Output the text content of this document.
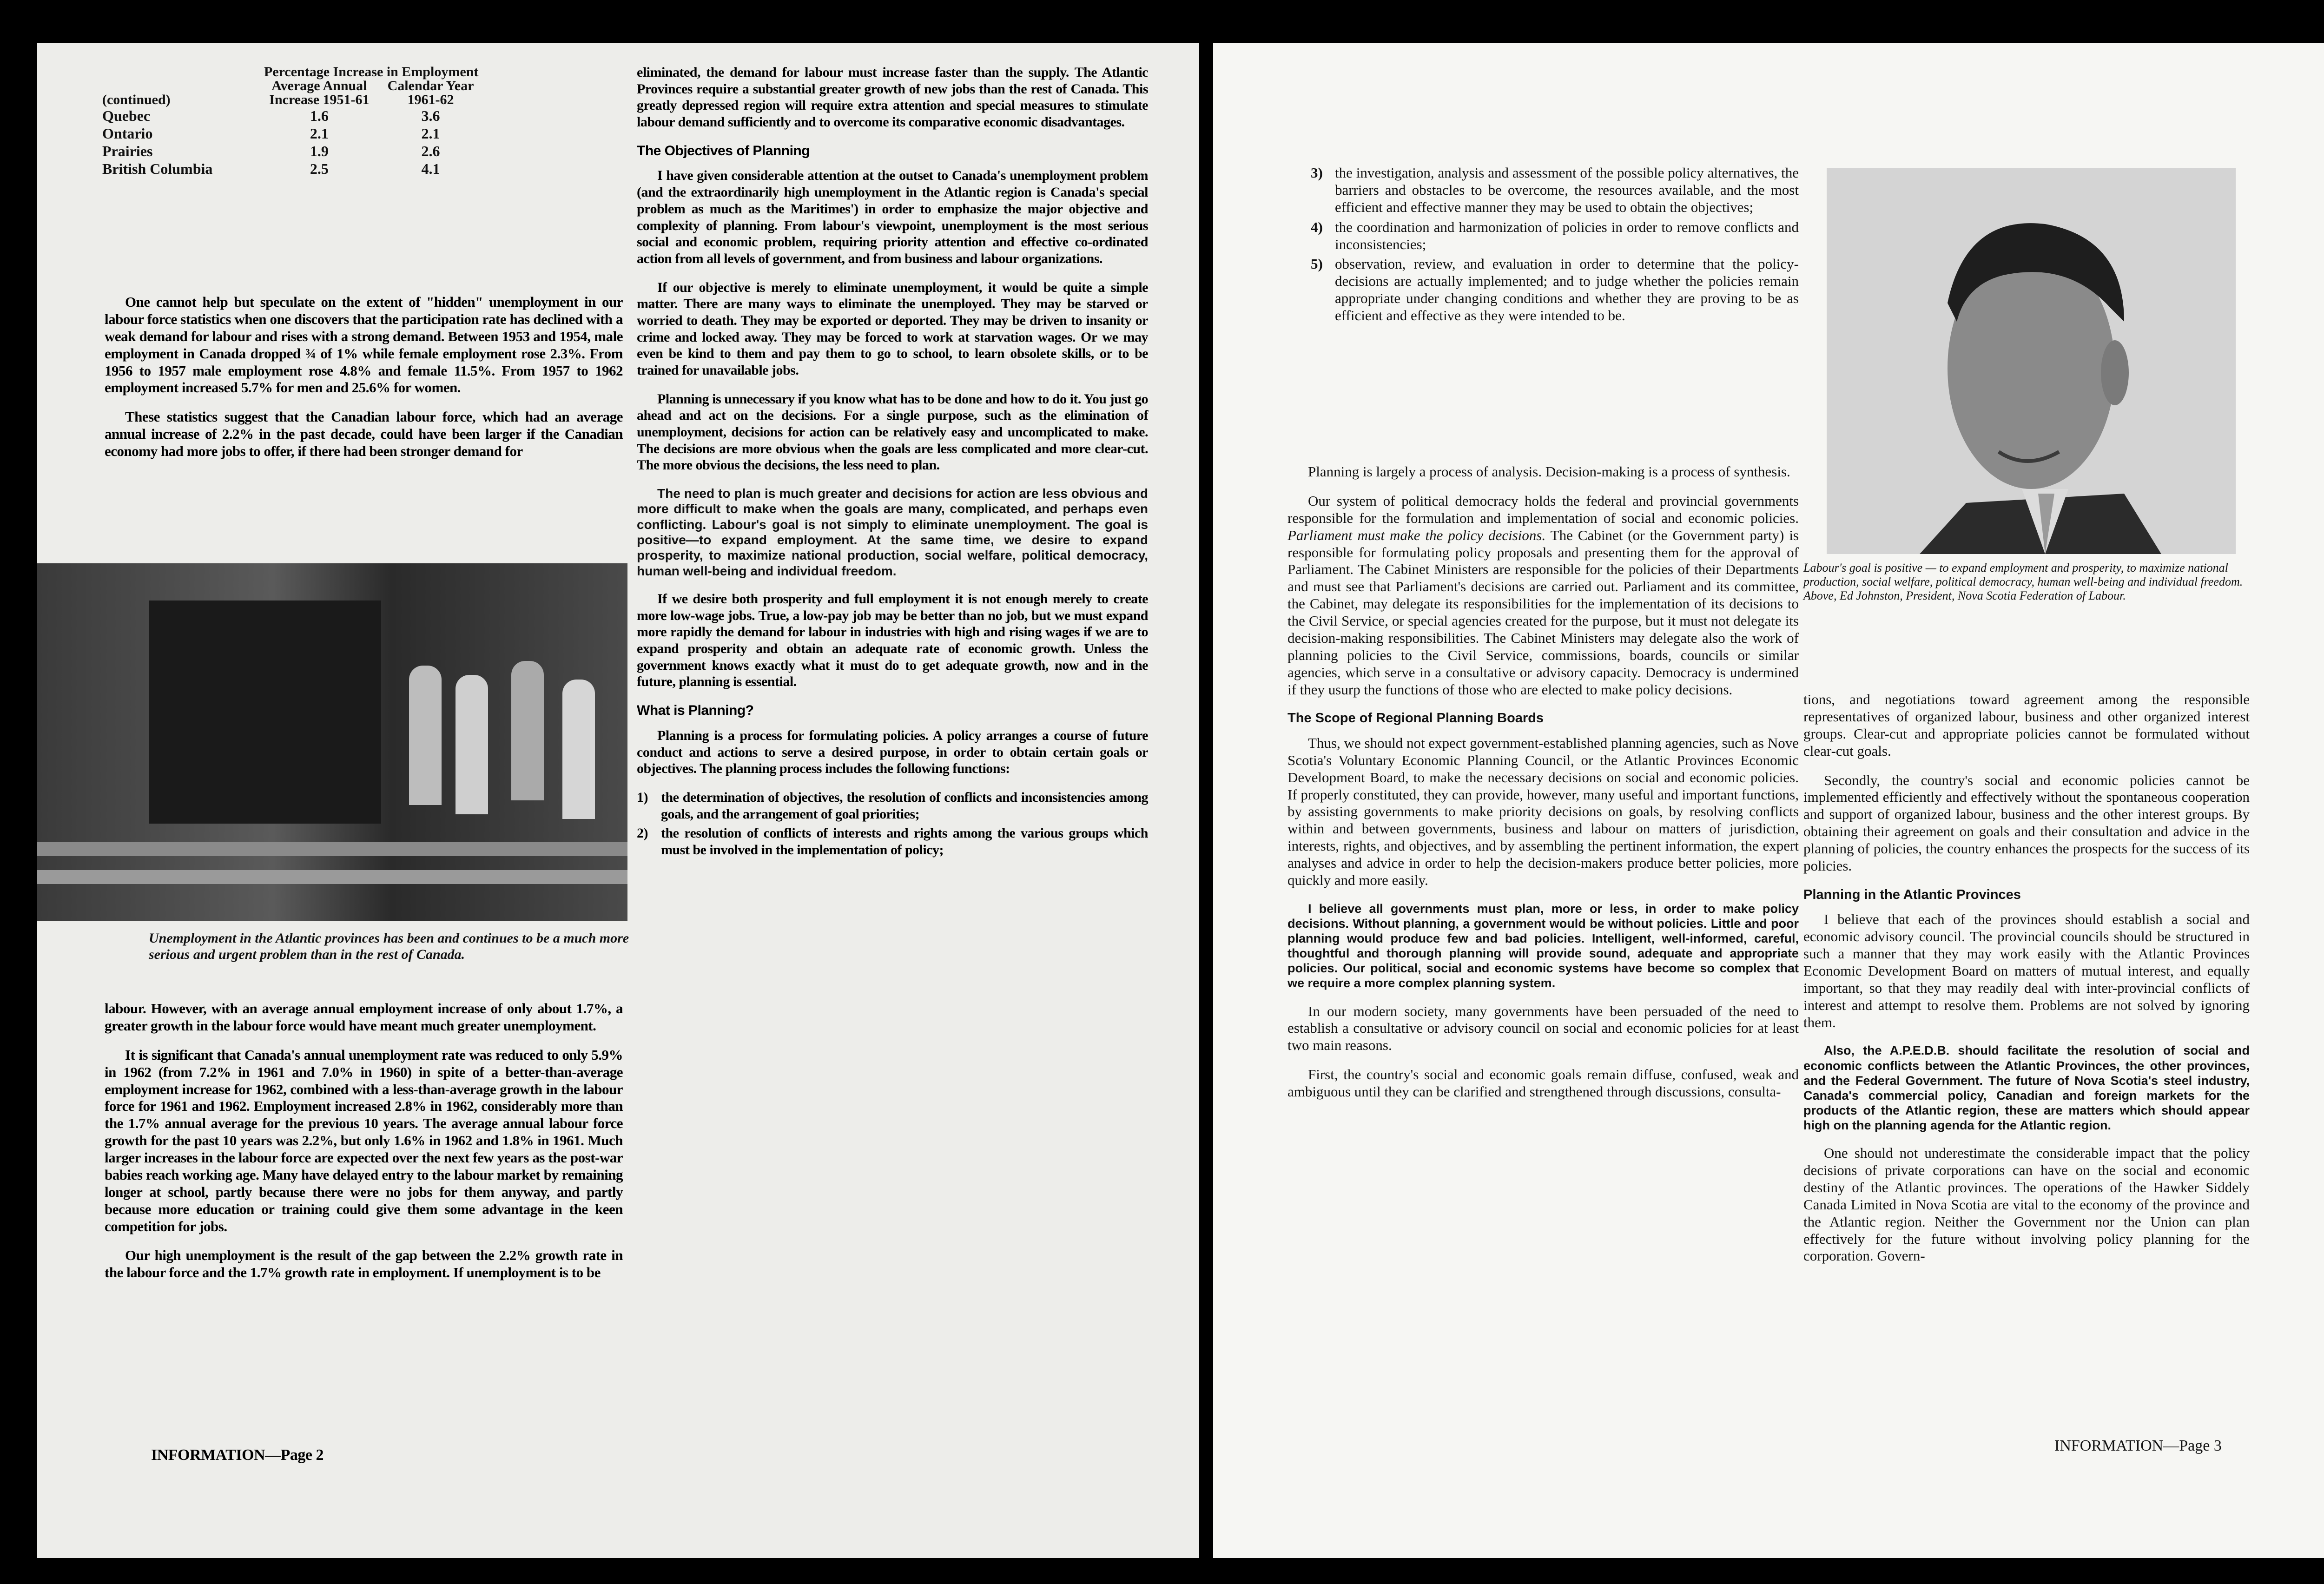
	Percentage Increase in Employment	
	Average Annual	Calendar Year
(continued)	Increase 1951-61	1961-62
Quebec	1.6	3.6
Ontario	2.1	2.1
Prairies	1.9	2.6
British Columbia	2.5	4.1

One cannot help but speculate on the extent of "hidden" unemployment in our labour force statistics when one discovers that the participation rate has declined with a weak demand for labour and rises with a strong demand. Between 1953 and 1954, male employment in Canada dropped ¾ of 1% while female employment rose 2.3%. From 1956 to 1957 male employment rose 4.8% and female 11.5%. From 1957 to 1962 employment increased 5.7% for men and 25.6% for women.

These statistics suggest that the Canadian labour force, which had an average annual increase of 2.2% in the past decade, could have been larger if the Canadian economy had more jobs to offer, if there had been stronger demand for

Unemployment in the Atlantic provinces has been and continues to be a much more serious and urgent problem than in the rest of Canada.

labour. However, with an average annual employment increase of only about 1.7%, a greater growth in the labour force would have meant much greater unemployment.

It is significant that Canada's annual unemployment rate was reduced to only 5.9% in 1962 (from 7.2% in 1961 and 7.0% in 1960) in spite of a better-than-average employment increase for 1962, combined with a less-than-average growth in the labour force for 1961 and 1962. Employment increased 2.8% in 1962, considerably more than the 1.7% annual average for the previous 10 years. The average annual labour force growth for the past 10 years was 2.2%, but only 1.6% in 1962 and 1.8% in 1961. Much larger increases in the labour force are expected over the next few years as the post-war babies reach working age. Many have delayed entry to the labour market by remaining longer at school, partly because there were no jobs for them anyway, and partly because more education or training could give them some advantage in the keen competition for jobs.

Our high unemployment is the result of the gap between the 2.2% growth rate in the labour force and the 1.7% growth rate in employment. If unemployment is to be

INFORMATION—Page 2

eliminated, the demand for labour must increase faster than the supply. The Atlantic Provinces require a substantial greater growth of new jobs than the rest of Canada. This greatly depressed region will require extra attention and special measures to stimulate labour demand sufficiently and to overcome its comparative economic disadvantages.

The Objectives of Planning

I have given considerable attention at the outset to Canada's unemployment problem (and the extraordinarily high unemployment in the Atlantic region is Canada's special problem as much as the Maritimes') in order to emphasize the major objective and complexity of planning. From labour's viewpoint, unemployment is the most serious social and economic problem, requiring priority attention and effective co-ordinated action from all levels of government, and from business and labour organizations.

If our objective is merely to eliminate unemployment, it would be quite a simple matter. There are many ways to eliminate the unemployed. They may be starved or worried to death. They may be exported or deported. They may be driven to insanity or crime and locked away. They may be forced to work at starvation wages. Or we may even be kind to them and pay them to go to school, to learn obsolete skills, or to be trained for unavailable jobs.

Planning is unnecessary if you know what has to be done and how to do it. You just go ahead and act on the decisions. For a single purpose, such as the elimination of unemployment, decisions for action can be relatively easy and uncomplicated to make. The decisions are more obvious when the goals are less complicated and more clear-cut. The more obvious the decisions, the less need to plan.

The need to plan is much greater and decisions for action are less obvious and more difficult to make when the goals are many, complicated, and perhaps even conflicting. Labour's goal is not simply to eliminate unemployment. The goal is positive—to expand employment. At the same time, we desire to expand prosperity, to maximize national production, social welfare, political democracy, human well-being and individual freedom.

If we desire both prosperity and full employment it is not enough merely to create more low-wage jobs. True, a low-pay job may be better than no job, but we must expand more rapidly the demand for labour in industries with high and rising wages if we are to expand prosperity and obtain an adequate rate of economic growth. Unless the government knows exactly what it must do to get adequate growth, now and in the future, planning is essential.

What is Planning?

Planning is a process for formulating policies. A policy arranges a course of future conduct and actions to serve a desired purpose, in order to obtain certain goals or objectives. The planning process includes the following functions:

1) the determination of objectives, the resolution of conflicts and inconsistencies among goals, and the arrangement of goal priorities;
2) the resolution of conflicts of interests and rights among the various groups which must be involved in the implementation of policy;
3) the investigation, analysis and assessment of the possible policy alternatives, the barriers and obstacles to be overcome, the resources available, and the most efficient and effective manner they may be used to obtain the objectives;
4) the coordination and harmonization of policies in order to remove conflicts and inconsistencies;
5) observation, review, and evaluation in order to determine that the policy-decisions are actually implemented; and to judge whether the policies remain appropriate under changing conditions and whether they are proving to be as efficient and effective as they were intended to be.

Planning is largely a process of analysis. Decision-making is a process of synthesis.

Our system of political democracy holds the federal and provincial governments responsible for the formulation and implementation of social and economic policies. Parliament must make the policy decisions. The Cabinet (or the Government party) is responsible for formulating policy proposals and presenting them for the approval of Parliament. The Cabinet Ministers are responsible for the policies of their Departments and must see that Parliament's decisions are carried out. Parliament and its committee, the Cabinet, may delegate its responsibilities for the implementation of its decisions to the Civil Service, or special agencies created for the purpose, but it must not delegate its decision-making responsibilities. The Cabinet Ministers may delegate also the work of planning policies to the Civil Service, commissions, boards, councils or similar agencies, which serve in a consultative or advisory capacity. Democracy is undermined if they usurp the functions of those who are elected to make policy decisions.

The Scope of Regional Planning Boards

Thus, we should not expect government-established planning agencies, such as Nove Scotia's Voluntary Economic Planning Council, or the Atlantic Provinces Economic Development Board, to make the necessary decisions on social and economic policies. If properly constituted, they can provide, however, many useful and important functions, by assisting governments to make priority decisions on goals, by resolving conflicts within and between governments, business and labour on matters of jurisdiction, interests, rights, and objectives, and by assembling the pertinent information, the expert analyses and advice in order to help the decision-makers produce better policies, more quickly and more easily.

I believe all governments must plan, more or less, in order to make policy decisions. Without planning, a government would be without policies. Little and poor planning would produce few and bad policies. Intelligent, well-informed, careful, thoughtful and thorough planning will provide sound, adequate and appropriate policies. Our political, social and economic systems have become so complex that we require a more complex planning system.

In our modern society, many governments have been persuaded of the need to establish a consultative or advisory council on social and economic policies for at least two main reasons.

First, the country's social and economic goals remain diffuse, confused, weak and ambiguous until they can be clarified and strengthened through discussions, consulta-

Labour's goal is positive — to expand employment and prosperity, to maximize national production, social welfare, political democracy, human well-being and individual freedom. Above, Ed Johnston, President, Nova Scotia Federation of Labour.

tions, and negotiations toward agreement among the responsible representatives of organized labour, business and other organized interest groups. Clear-cut and appropriate policies cannot be formulated without clear-cut goals.

Secondly, the country's social and economic policies cannot be implemented efficiently and effectively without the spontaneous cooperation and support of organized labour, business and the other interest groups. By obtaining their agreement on goals and their consultation and advice in the planning of policies, the country enhances the prospects for the success of its policies.

Planning in the Atlantic Provinces

I believe that each of the provinces should establish a social and economic advisory council. The provincial councils should be structured in such a manner that they may work easily with the Atlantic Provinces Economic Development Board on matters of mutual interest, and equally important, so that they may readily deal with inter-provincial conflicts of interest and attempt to resolve them. Problems are not solved by ignoring them.

Also, the A.P.E.D.B. should facilitate the resolution of social and economic conflicts between the Atlantic Provinces, the other provinces, and the Federal Government. The future of Nova Scotia's steel industry, Canada's commercial policy, Canadian and foreign markets for the products of the Atlantic region, these are matters which should appear high on the planning agenda for the Atlantic region.

One should not underestimate the considerable impact that the policy decisions of private corporations can have on the social and economic destiny of the Atlantic provinces. The operations of the Hawker Siddely Canada Limited in Nova Scotia are vital to the economy of the province and the Atlantic region. Neither the Government nor the Union can plan effectively for the future without involving policy planning for the corporation. Govern-

INFORMATION—Page 3
